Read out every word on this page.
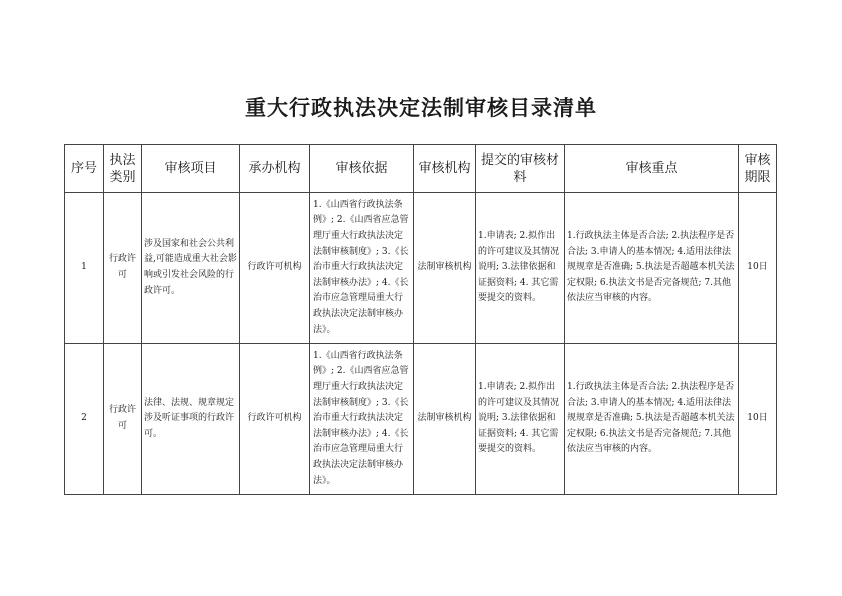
重大行政执法决定法制审核目录清单
序号	执法类别	审核项目	承办机构	审核依据	审核机构	提交的审核材料	审核重点	审核期限
1	行政许可	涉及国家和社会公共利益,可能造成重大社会影响或引发社会风险的行政许可。	行政许可机构	1.《山西省行政执法条例》; 2.《山西省应急管理厅重大行政执法决定法制审核制度》; 3.《长治市重大行政执法决定法制审核办法》; 4.《长治市应急管理局重大行政执法决定法制审核办法》。	法制审核机构	1.申请表; 2.拟作出的许可建议及其情况说明; 3.法律依据和证据资料; 4. 其它需要提交的资料。	1.行政执法主体是否合法; 2.执法程序是否合法; 3.申请人的基本情况; 4.适用法律法规规章是否准确; 5.执法是否超越本机关法定权限; 6.执法文书是否完备规范; 7.其他依法应当审核的内容。	10日
2	行政许可	法律、法规、规章规定涉及听证事项的行政许可。	行政许可机构	1.《山西省行政执法条例》; 2.《山西省应急管理厅重大行政执法决定法制审核制度》; 3.《长治市重大行政执法决定法制审核办法》; 4.《长治市应急管理局重大行政执法决定法制审核办法》。	法制审核机构	1.申请表; 2.拟作出的许可建议及其情况说明; 3.法律依据和证据资料; 4. 其它需要提交的资料。	1.行政执法主体是否合法; 2.执法程序是否合法; 3.申请人的基本情况; 4.适用法律法规规章是否准确; 5.执法是否超越本机关法定权限; 6.执法文书是否完备规范; 7.其他依法应当审核的内容。	10日
